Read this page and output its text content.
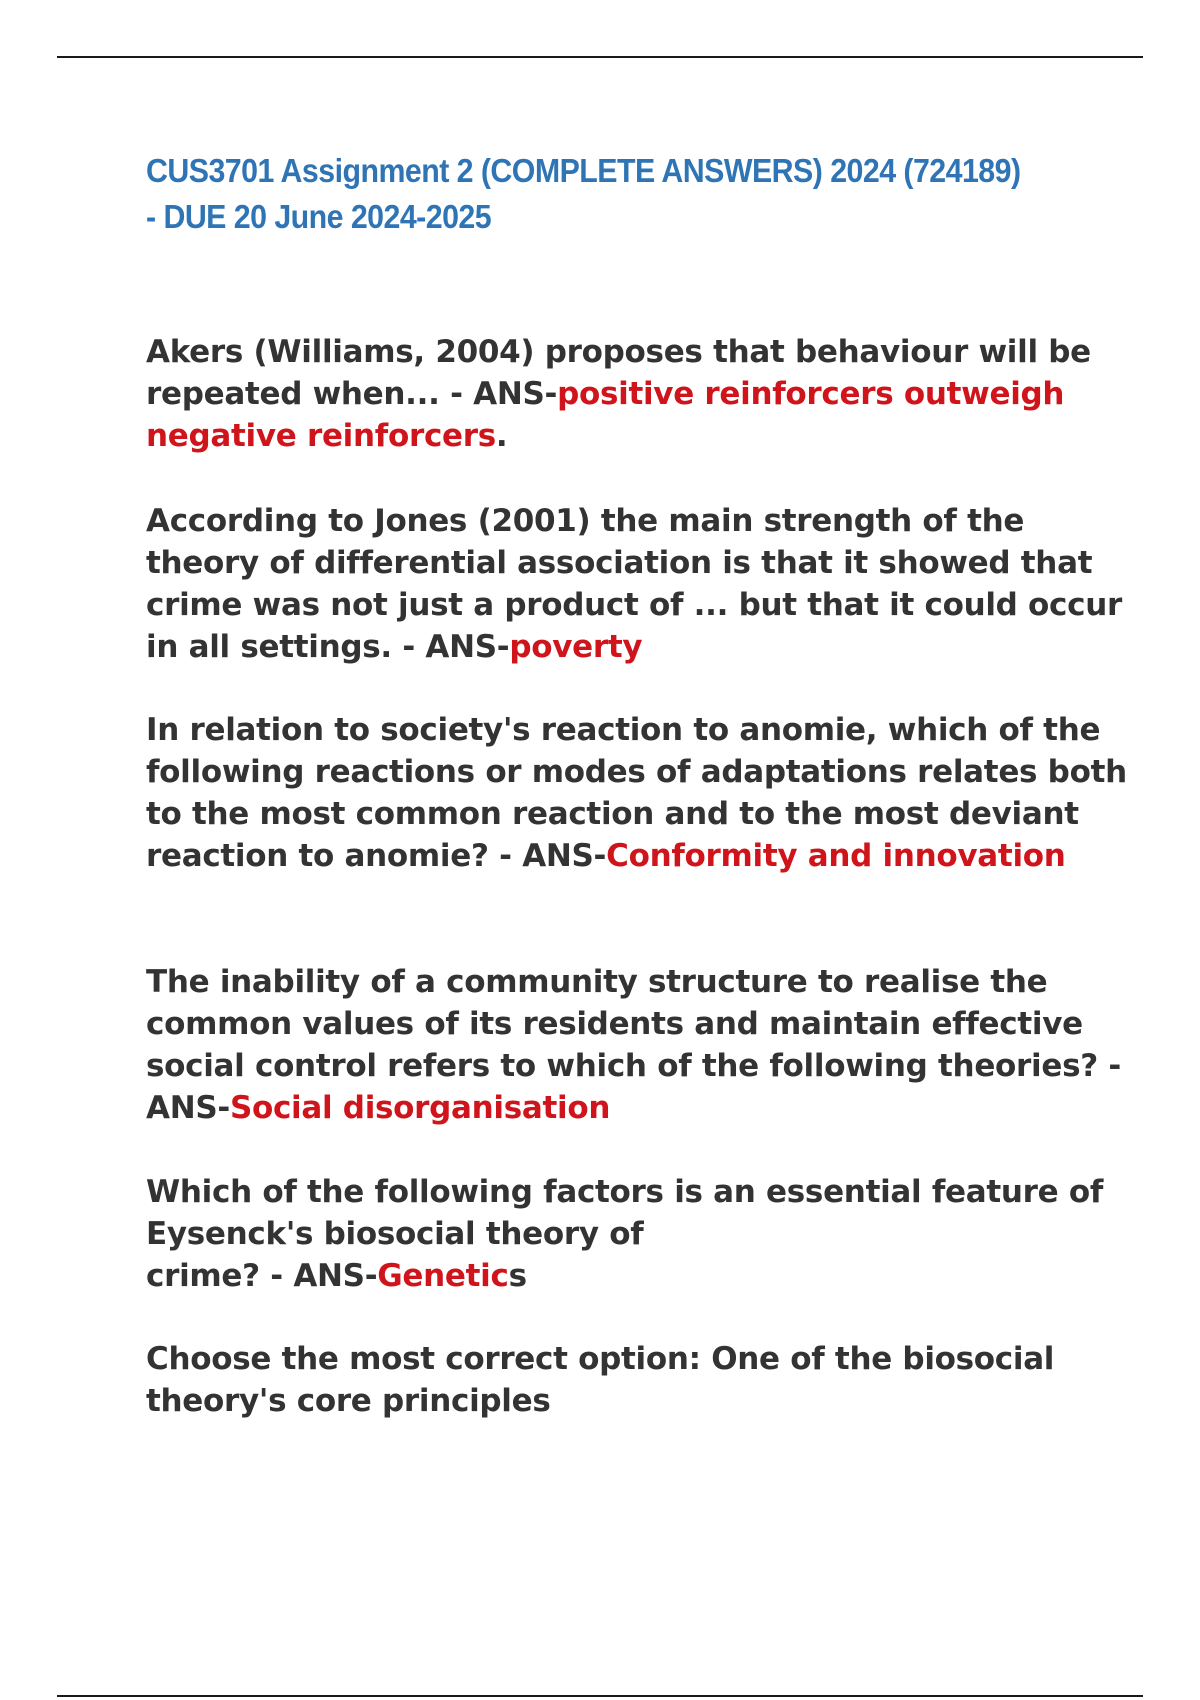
CUS3701 Assignment 2 (COMPLETE ANSWERS) 2024 (724189) - DUE 20 June 2024-2025

Akers (Williams, 2004) proposes that behaviour will be repeated when... - ANS-positive reinforcers outweigh negative reinforcers.

According to Jones (2001) the main strength of the theory of differential association is that it showed that crime was not just a product of ... but that it could occur in all settings. - ANS-poverty

In relation to society's reaction to anomie, which of the following reactions or modes of adaptations relates both to the most common reaction and to the most deviant reaction to anomie? - ANS-Conformity and innovation

The inability of a community structure to realise the common values of its residents and maintain effective social control refers to which of the following theories? - ANS-Social disorganisation

Which of the following factors is an essential feature of Eysenck's biosocial theory of
crime? - ANS-Genetics

Choose the most correct option: One of the biosocial theory's core principles
